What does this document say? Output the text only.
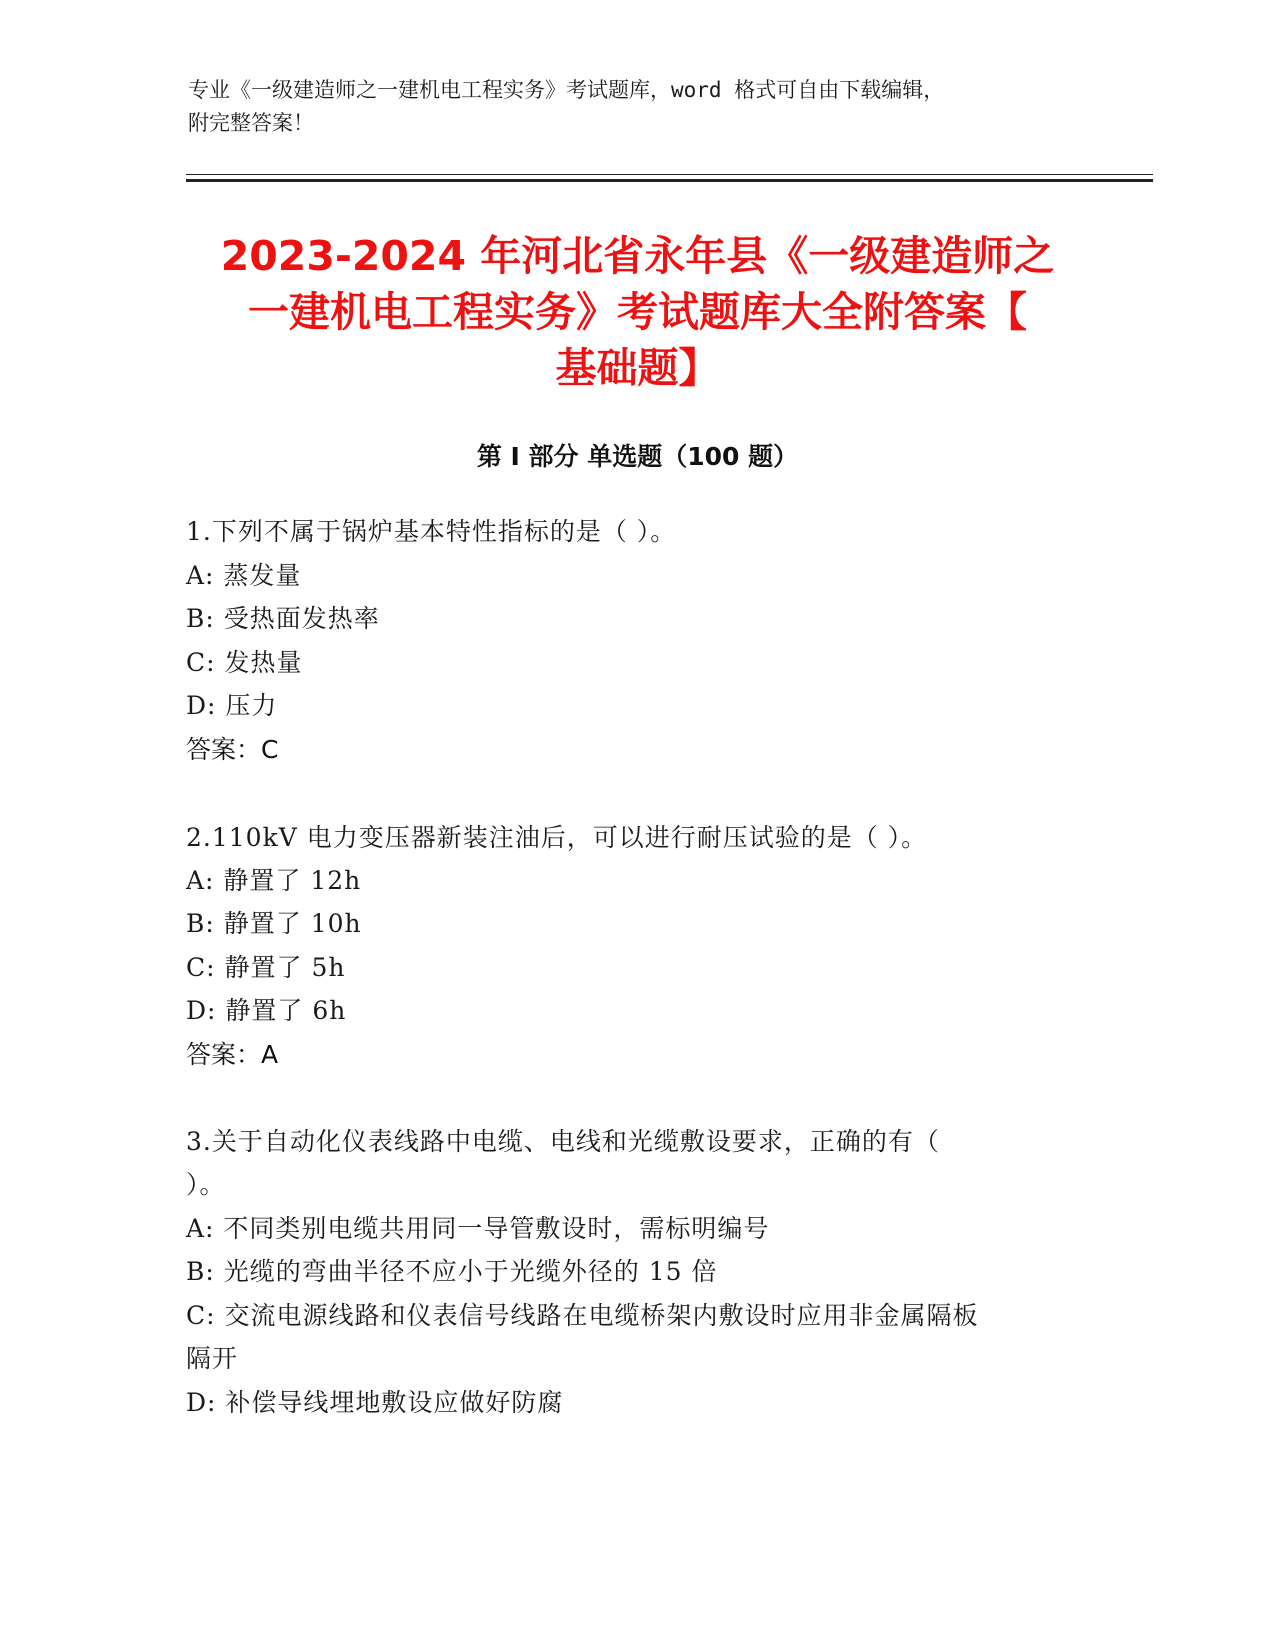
专业《一级建造师之一建机电工程实务》考试题库，word 格式可自由下载编辑，
附完整答案！
2023-2024 年河北省永年县《一级建造师之
一建机电工程实务》考试题库大全附答案【
基础题】
第 I 部分 单选题（100 题）
1.下列不属于锅炉基本特性指标的是（ ）。
A: 蒸发量
B: 受热面发热率
C: 发热量
D: 压力
答案：C
2.110kV 电力变压器新装注油后，可以进行耐压试验的是（ ）。
A: 静置了 12h
B: 静置了 10h
C: 静置了 5h
D: 静置了 6h
答案：A
3.关于自动化仪表线路中电缆、电线和光缆敷设要求，正确的有（
）。
A: 不同类别电缆共用同一导管敷设时，需标明编号
B: 光缆的弯曲半径不应小于光缆外径的 15 倍
C: 交流电源线路和仪表信号线路在电缆桥架内敷设时应用非金属隔板
隔开
D: 补偿导线埋地敷设应做好防腐
